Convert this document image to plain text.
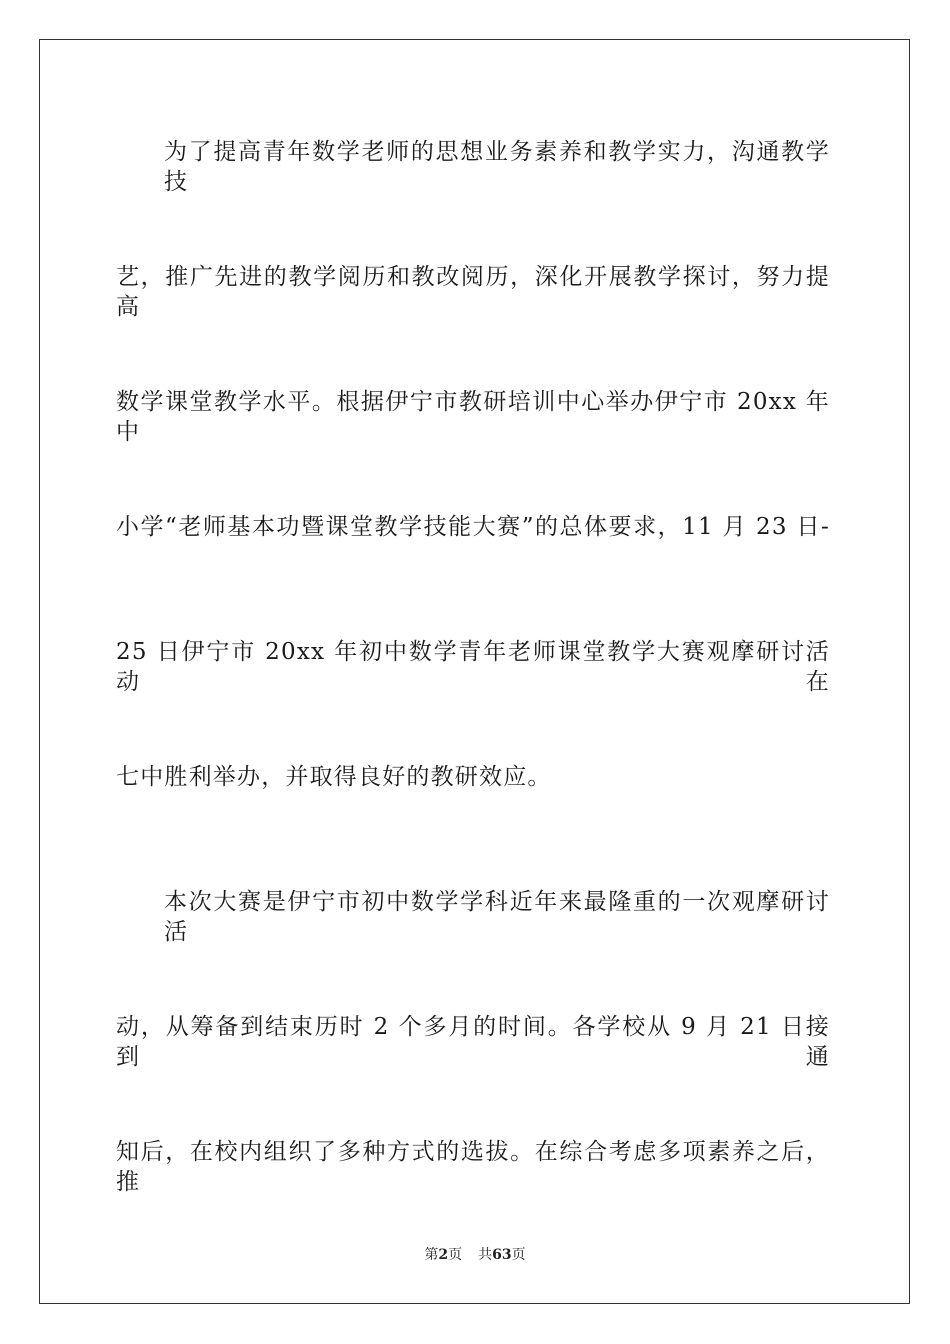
为了提高青年数学老师的思想业务素养和教学实力，沟通教学技
艺，推广先进的教学阅历和教改阅历，深化开展教学探讨，努力提高
数学课堂教学水平。根据伊宁市教研培训中心举办伊宁市 20xx 年中
小学“老师基本功暨课堂教学技能大赛”的总体要求，11 月 23 日-
25 日伊宁市 20xx 年初中数学青年老师课堂教学大赛观摩研讨活动在
七中胜利举办，并取得良好的教研效应。
本次大赛是伊宁市初中数学学科近年来最隆重的一次观摩研讨活
动，从筹备到结束历时 2 个多月的时间。各学校从 9 月 21 日接到通
知后，在校内组织了多种方式的选拔。在综合考虑多项素养之后，推
第2页 共63页
